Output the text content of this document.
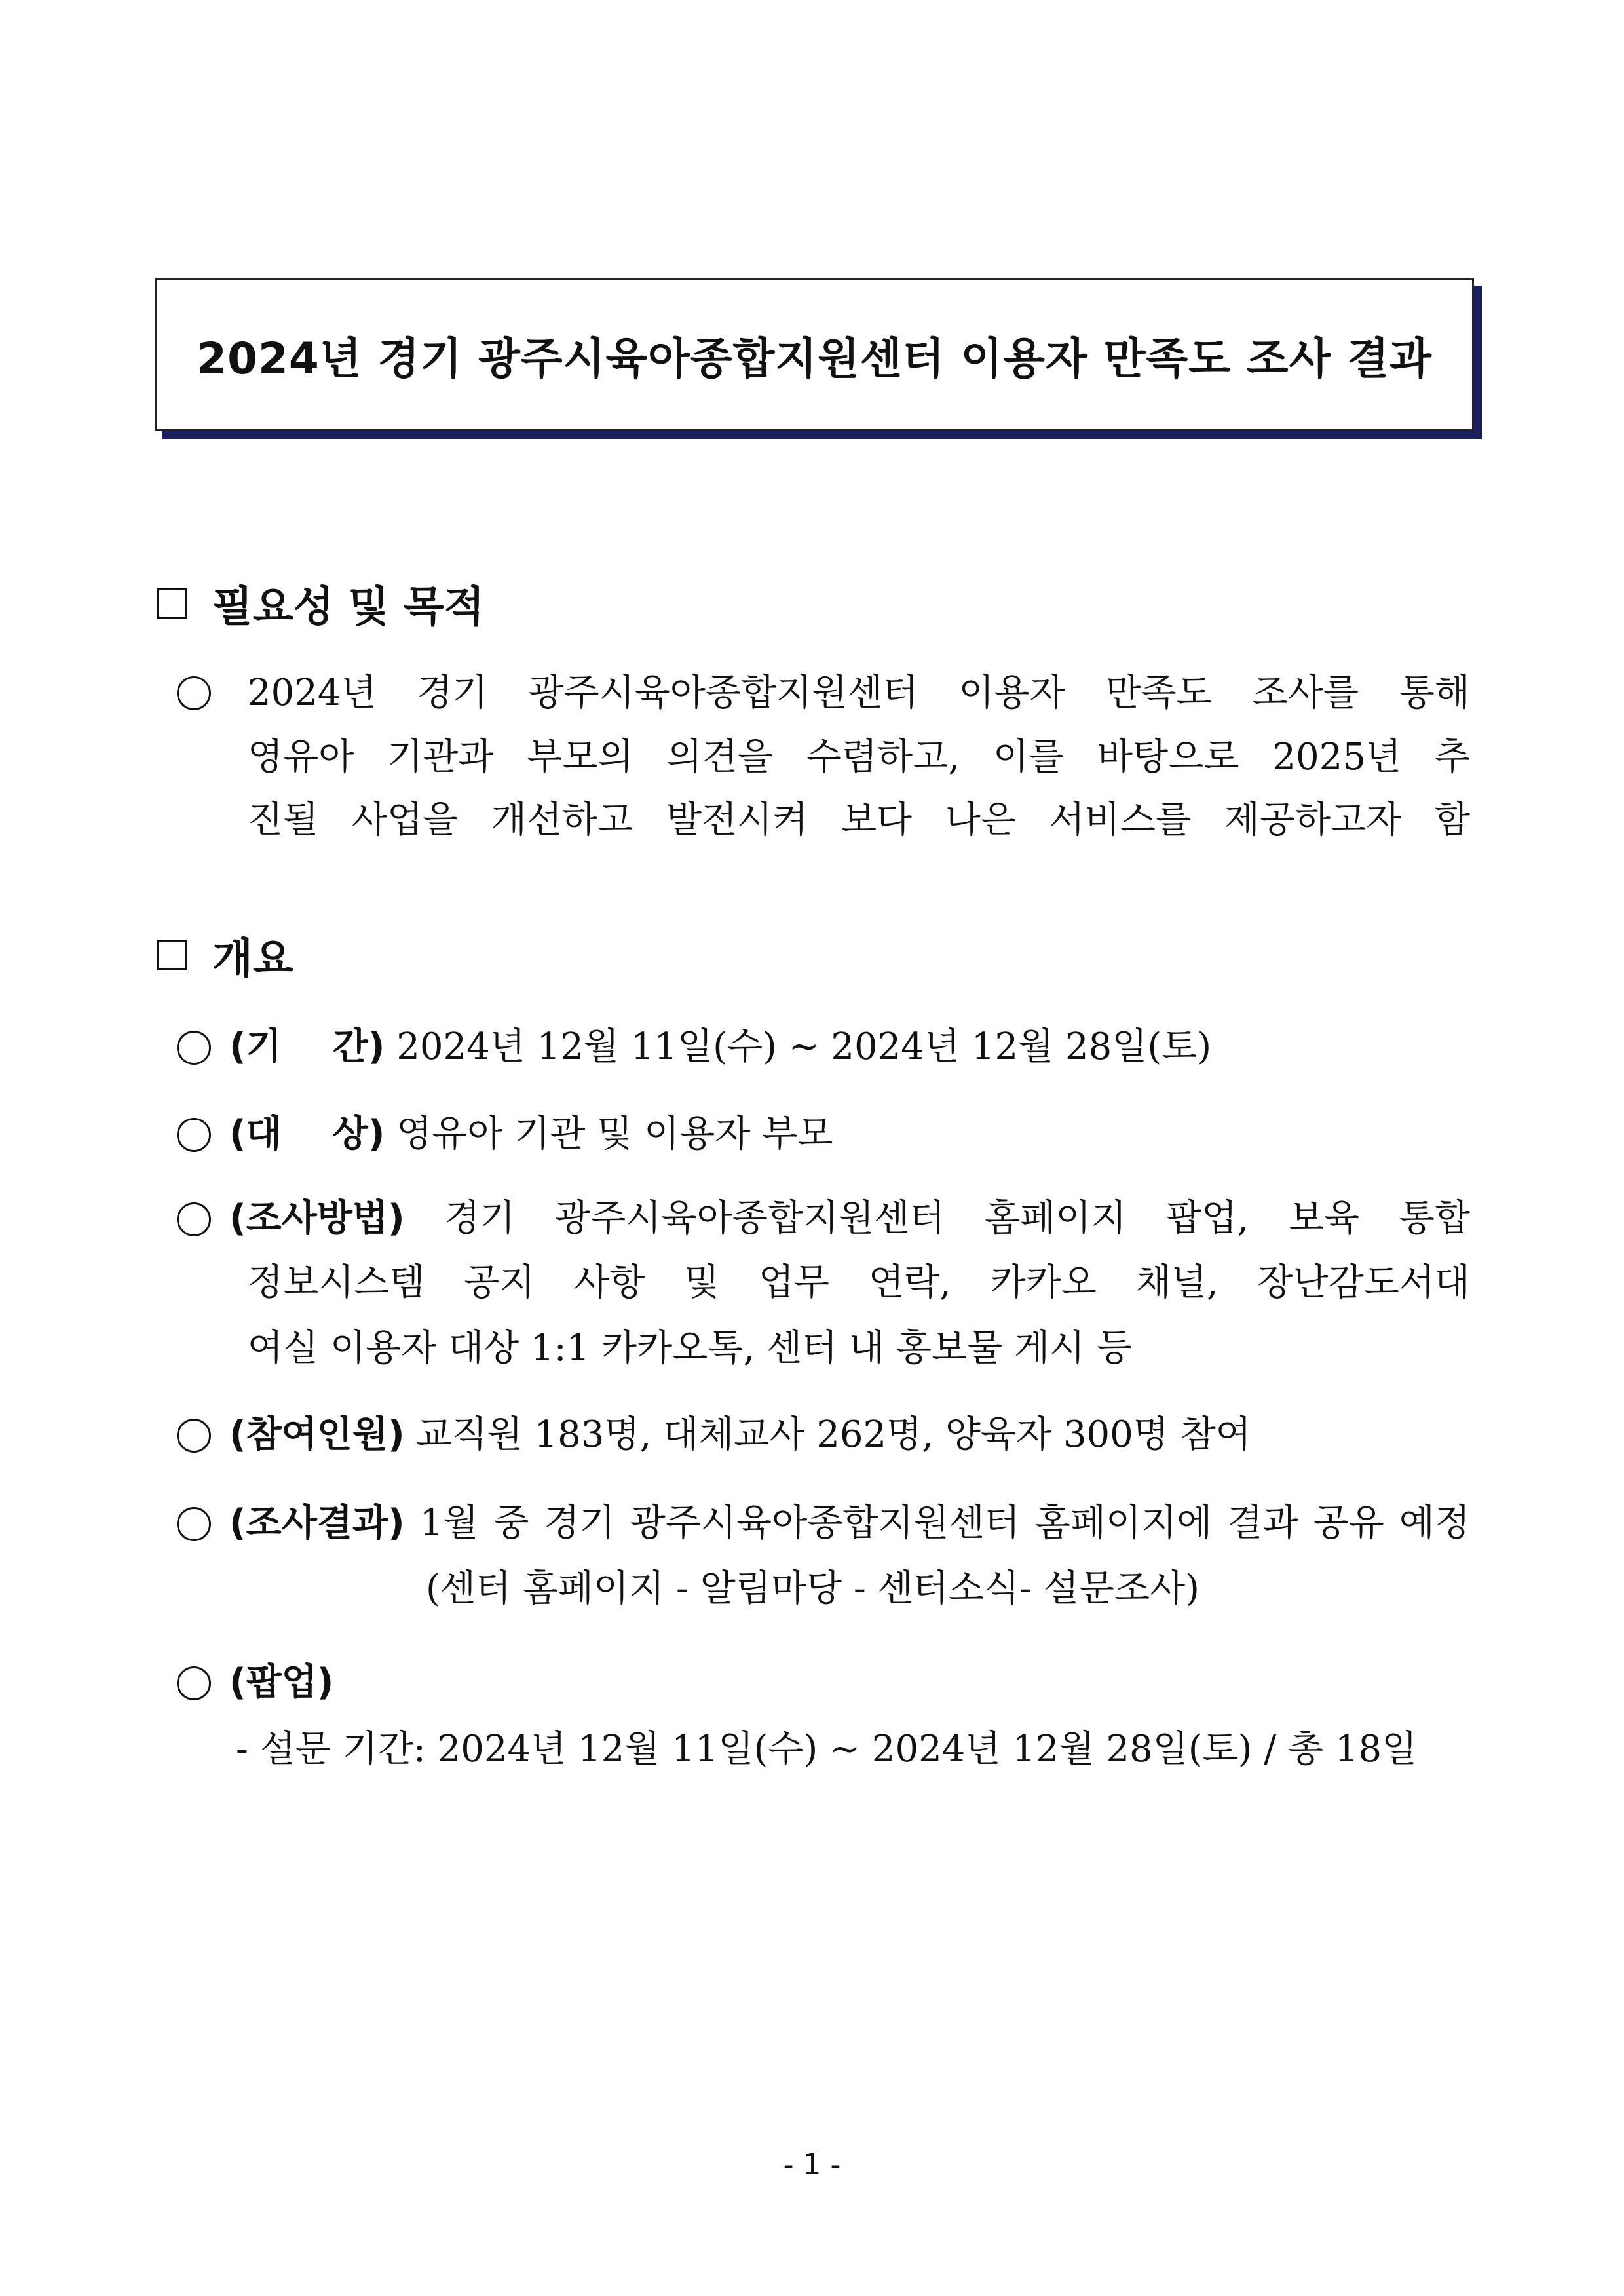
2024년 경기 광주시육아종합지원센터 이용자 만족도 조사 결과
필요성 및 목적
2024년 경기 광주시육아종합지원센터 이용자 만족도 조사를 통해
영유아 기관과 부모의 의견을 수렴하고, 이를 바탕으로 2025년 추
진될 사업을 개선하고 발전시켜 보다 나은 서비스를 제공하고자 함
개요
(기    간) 2024년 12월 11일(수) ~ 2024년 12월 28일(토)
(대    상) 영유아 기관 및 이용자 부모
(조사방법) 경기 광주시육아종합지원센터 홈페이지 팝업, 보육 통합
정보시스템 공지 사항 및 업무 연락, 카카오 채널, 장난감도서대
여실 이용자 대상 1:1 카카오톡, 센터 내 홍보물 게시 등
(참여인원) 교직원 183명, 대체교사 262명, 양육자 300명 참여
(조사결과) 1월 중 경기 광주시육아종합지원센터 홈페이지에 결과 공유 예정
(센터 홈페이지 - 알림마당 - 센터소식- 설문조사)
(팝업)
- 설문 기간: 2024년 12월 11일(수) ~ 2024년 12월 28일(토) / 총 18일
- 1 -
